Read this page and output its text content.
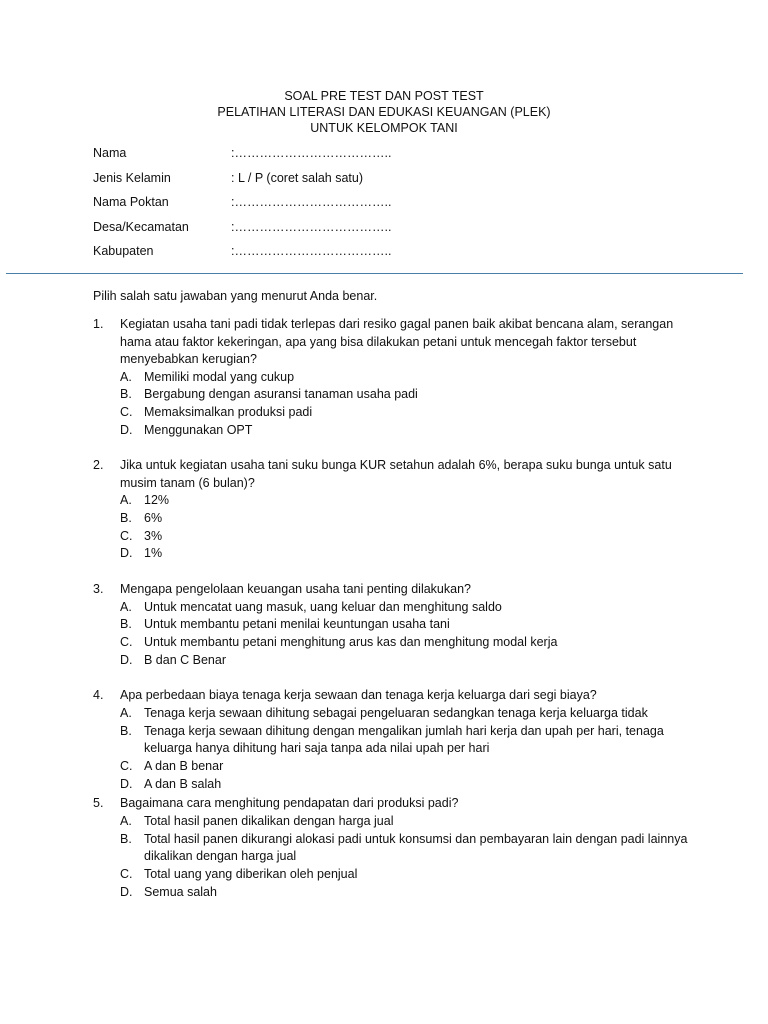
SOAL PRE TEST DAN POST TEST
PELATIHAN LITERASI DAN EDUKASI KEUANGAN (PLEK)
UNTUK KELOMPOK TANI
Nama	:………………………………..
Jenis Kelamin	: L / P (coret salah satu)
Nama Poktan	:………………………………..
Desa/Kecamatan	:………………………………..
Kabupaten	:………………………………..
Pilih salah satu jawaban yang menurut Anda benar.
1.	Kegiatan usaha tani padi tidak terlepas dari resiko gagal panen baik akibat bencana alam, serangan hama atau faktor kekeringan, apa yang bisa dilakukan petani untuk mencegah faktor tersebut menyebabkan kerugian?
A. Memiliki modal yang cukup
B. Bergabung dengan asuransi tanaman usaha padi
C. Memaksimalkan produksi padi
D. Menggunakan OPT
2.	Jika untuk kegiatan usaha tani suku bunga KUR setahun adalah 6%, berapa suku bunga untuk satu musim tanam (6 bulan)?
A. 12%
B. 6%
C. 3%
D. 1%
3.	Mengapa pengelolaan keuangan usaha tani penting dilakukan?
A. Untuk mencatat uang masuk, uang keluar dan menghitung saldo
B. Untuk membantu petani menilai keuntungan usaha tani
C. Untuk membantu petani menghitung arus kas dan menghitung modal kerja
D. B dan C Benar
4.	Apa perbedaan biaya tenaga kerja sewaan dan tenaga kerja keluarga dari segi biaya?
A. Tenaga kerja sewaan dihitung sebagai pengeluaran sedangkan tenaga kerja keluarga tidak
B. Tenaga kerja sewaan dihitung dengan mengalikan jumlah hari kerja dan upah per hari, tenaga keluarga hanya dihitung hari saja tanpa ada nilai upah per hari
C. A dan B benar
D. A dan B salah
5.	Bagaimana cara menghitung pendapatan dari produksi padi?
A. Total hasil panen dikalikan dengan harga jual
B. Total hasil panen dikurangi alokasi padi untuk konsumsi dan pembayaran lain dengan padi lainnya dikalikan dengan harga jual
C. Total uang yang diberikan oleh penjual
D. Semua salah
